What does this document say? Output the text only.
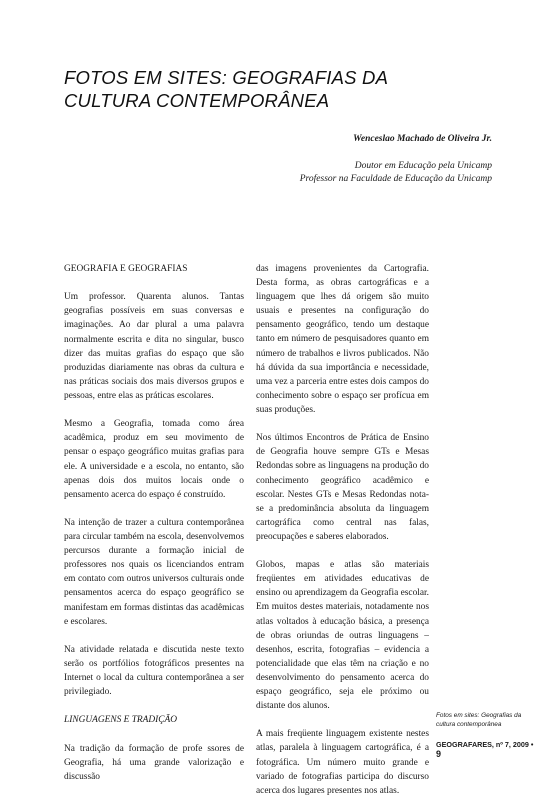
FOTOS EM SITES: GEOGRAFIAS DA CULTURA CONTEMPORÂNEA
Wenceslao Machado de Oliveira Jr.
Doutor em Educação pela Unicamp
Professor na Faculdade de Educação da Unicamp
GEOGRAFIA E GEOGRAFIAS

Um professor. Quarenta alunos. Tantas geografias possíveis em suas conversas e imaginações. Ao dar plural a uma palavra normalmente escrita e dita no singular, busco dizer das muitas grafias do espaço que são produzidas diariamente nas obras da cultura e nas práticas sociais dos mais diversos grupos e pessoas, entre elas as práticas escolares.

Mesmo a Geografia, tomada como área acadêmica, produz em seu movimento de pensar o espaço geográfico muitas grafias para ele. A universidade e a escola, no entanto, são apenas dois dos muitos locais onde o pensamento acerca do espaço é construído.

Na intenção de trazer a cultura contemporânea para circular também na escola, desenvolvemos percursos durante a formação inicial de professores nos quais os licenciandos entram em contato com outros universos culturais onde pensamentos acerca do espaço geográfico se manifestam em formas distintas das acadêmicas e escolares.

Na atividade relatada e discutida neste texto serão os portfólios fotográficos presentes na Internet o local da cultura contemporânea a ser privilegiado.

LINGUAGENS E TRADIÇÃO

Na tradição da formação de profe ssores de Geografia, há uma grande valorização e discussão

das imagens provenientes da Cartografia. Desta forma, as obras cartográficas e a linguagem que lhes dá origem são muito usuais e presentes na configuração do pensamento geográfico, tendo um destaque tanto em número de pesquisadores quanto em número de trabalhos e livros publicados. Não há dúvida da sua importância e necessidade, uma vez a parceria entre estes dois campos do conhecimento sobre o espaço ser profícua em suas produções.

Nos últimos Encontros de Prática de Ensino de Geografia houve sempre GTs e Mesas Redondas sobre as linguagens na produção do conhecimento geográfico acadêmico e escolar. Nestes GTs e Mesas Redondas nota-se a predominância absoluta da linguagem cartográfica como central nas falas, preocupações e saberes elaborados.

Globos, mapas e atlas são materiais freqüentes em atividades educativas de ensino ou aprendizagem da Geografia escolar. Em muitos destes materiais, notadamente nos atlas voltados à educação básica, a presença de obras oriundas de outras linguagens – desenhos, escrita, fotografias – evidencia a potencialidade que elas têm na criação e no desenvolvimento do pensamento acerca do espaço geográfico, seja ele próximo ou distante dos alunos.

A mais freqüente linguagem existente nestes atlas, paralela à linguagem cartográfica, é a fotográfica. Um número muito grande e variado de fotografias participa do discurso acerca dos lugares presentes nos atlas.

Fotos em sites: Geografias da cultura contemporânea
GEOGRAFARES, nº 7, 2009 • 9
